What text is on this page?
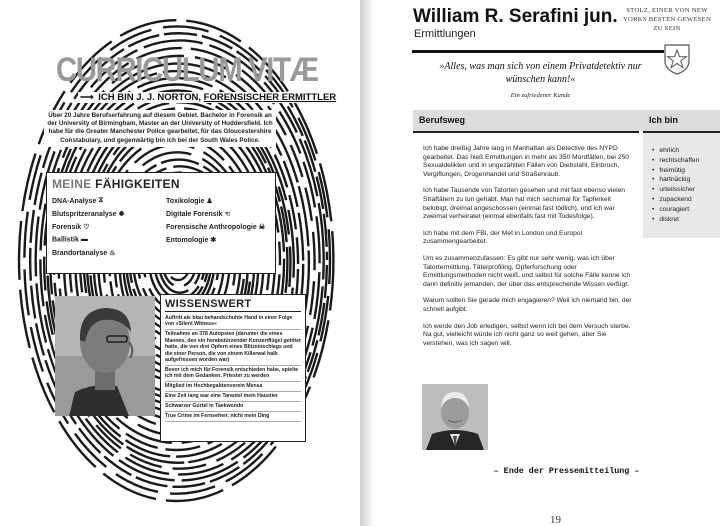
CURRICULUM VITÆ
⟶ ICH BIN J. J. NORTON, FORENSISCHER ERMITTLER
Über 20 Jahre Berufserfahrung auf diesem Gebiet. Bachelor in Forensik an der University of Birmingham, Master an der University of Huddersfield. Ich habe für die Greater Manchester Police gearbeitet, für das Gloucestershire Constabulary, und gegenwärtig bin ich bei der South Wales Police.
MEINE FÄHIGKEITEN
DNA-Analyse ⧖
Blutspritzeranalyse ✹
Forensik ♡
Ballistik ▬
Brandortanalyse ♨
Toxikologie ♟
Digitale Forensik ☜
Forensische Anthropologie ☠
Entomologie ✱
WISSENSWERT
Auftritt als blau behandschuhte Hand in einer Folge von »Silent Witness«
Teilnahme an 378 Autopsien (darunter die eines Mannes, den ein herabstürzender Konzertflügel getötet hatte, die von drei Opfern eines Blitzeinschlags und die einer Person, die von einem Killerwal halb aufgefressen worden war)
Bevor ich mich für Forensik entschieden habe, spielte ich mit dem Gedanken, Priester zu werden
Mitglied im Hochbegabtenverein Mensa
Eine Zeit lang war eine Tarantel mein Haustier
Schwarzer Gürtel in Taekwondo
True Crime im Fernsehen: nicht mein Ding
William R. Serafini jun.
Ermittlungen
STOLZ, EINER VON NEW YORKS BESTEN GEWESEN ZU SEIN
»Alles, was man sich von einem Privatdetektiv nur wünschen kann!«
Ein zufriedener Kunde
Berufsweg	Ich bin

Ich habe dreißig Jahre lang in Manhattan als Detective des NYPD gearbeitet. Das hieß Ermittlungen in mehr als 350 Mordfällen, bei 250 Sexualdelikten und in ungezählten Fällen von Diebstahl, Einbruch, Vergiftungen, Drogenhandel und Straßenraub.

Ich habe Tausende von Tatorten gesehen und mit fast ebenso vielen Straftätern zu tun gehabt. Man hat mich sechsmal für Tapferkeit belobigt, dreimal angeschossen (einmal fast tödlich), und ich war zweimal verheiratet (einmal ebenfalls fast mit Todesfolge).

Ich habe mit dem FBI, der Met in London und Europol zusammengearbeitet.

Um es zusammenzufassen: Es gibt nur sehr wenig, was ich über Tatortermittlung, Täterprofiling, Opferforschung oder Ermittlungsmethoden nicht weiß, und selbst für solche Fälle kenne ich dann definitiv jemanden, der über das entsprechende Wissen verfügt.

Warum sollten Sie gerade mich engagieren? Weil ich niemand bin, der schnell aufgibt.

Ich werde den Job erledigen, selbst wenn ich bei dem Versuch sterbe. Na gut, vielleicht würde ich nicht ganz so weit gehen, aber Sie verstehen, was ich sagen will.

• ehrlich
• rechtschaffen
• freimütig
• hartnäckig
• urteilssicher
• zupackend
• couragiert
• diskret
– Ende der Pressemitteilung –
19
